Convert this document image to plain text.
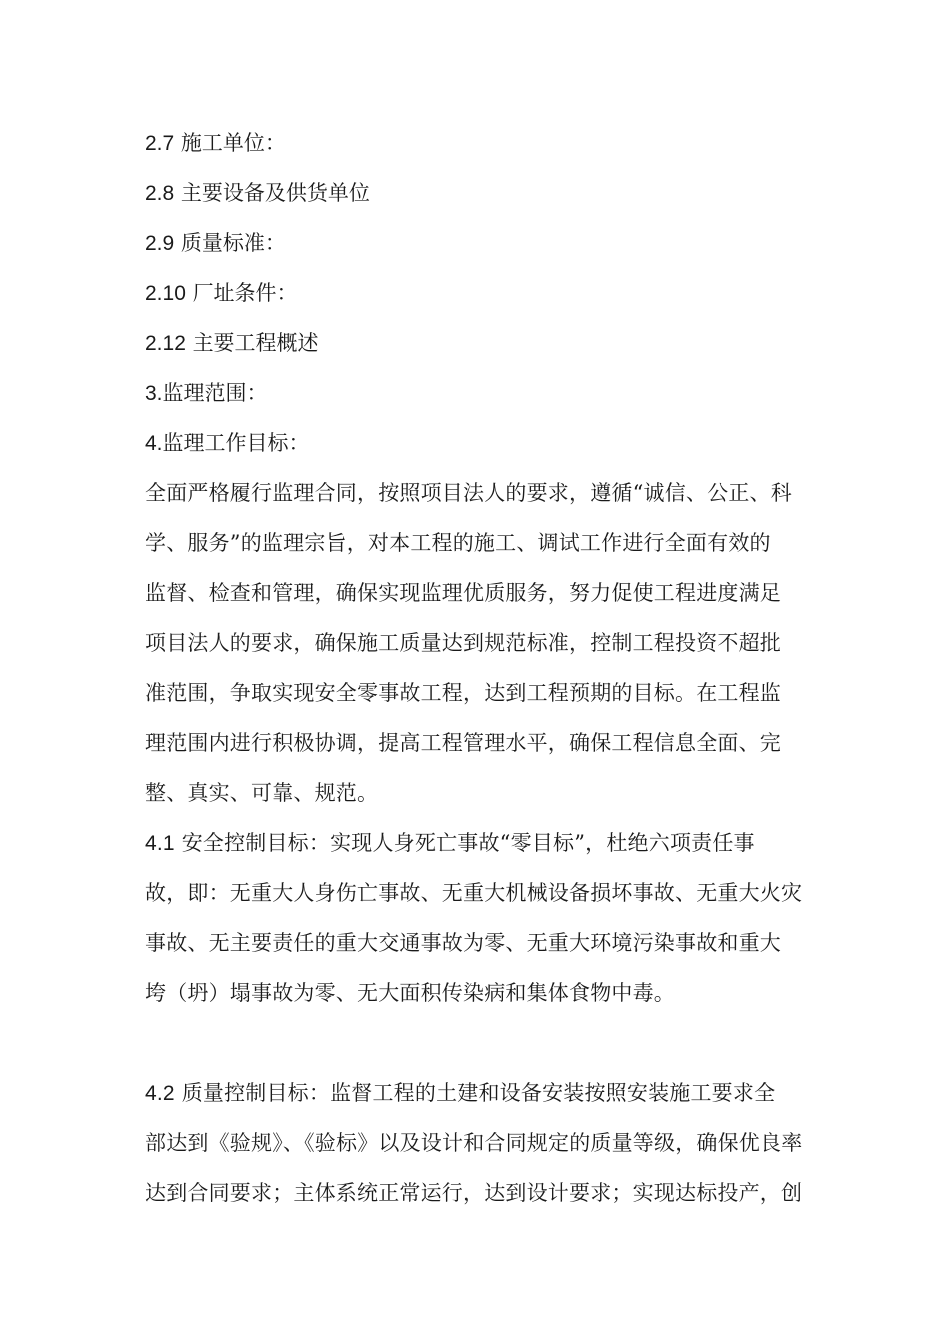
2.7 施工单位：
2.8 主要设备及供货单位
2.9 质量标准：
2.10 厂址条件：
2.12 主要工程概述
3.监理范围：
4.监理工作目标：
全面严格履行监理合同，按照项目法人的要求，遵循“诚信、公正、科
学、服务”的监理宗旨，对本工程的施工、调试工作进行全面有效的
监督、检查和管理，确保实现监理优质服务，努力促使工程进度满足
项目法人的要求，确保施工质量达到规范标准，控制工程投资不超批
准范围，争取实现安全零事故工程，达到工程预期的目标。在工程监
理范围内进行积极协调，提高工程管理水平，确保工程信息全面、完
整、真实、可靠、规范。
4.1 安全控制目标：实现人身死亡事故“零目标”，杜绝六项责任事
故，即：无重大人身伤亡事故、无重大机械设备损坏事故、无重大火灾
事故、无主要责任的重大交通事故为零、无重大环境污染事故和重大
垮（坍）塌事故为零、无大面积传染病和集体食物中毒。
4.2 质量控制目标：监督工程的土建和设备安装按照安装施工要求全
部达到《验规》、《验标》以及设计和合同规定的质量等级，确保优良率
达到合同要求；主体系统正常运行，达到设计要求；实现达标投产，创
